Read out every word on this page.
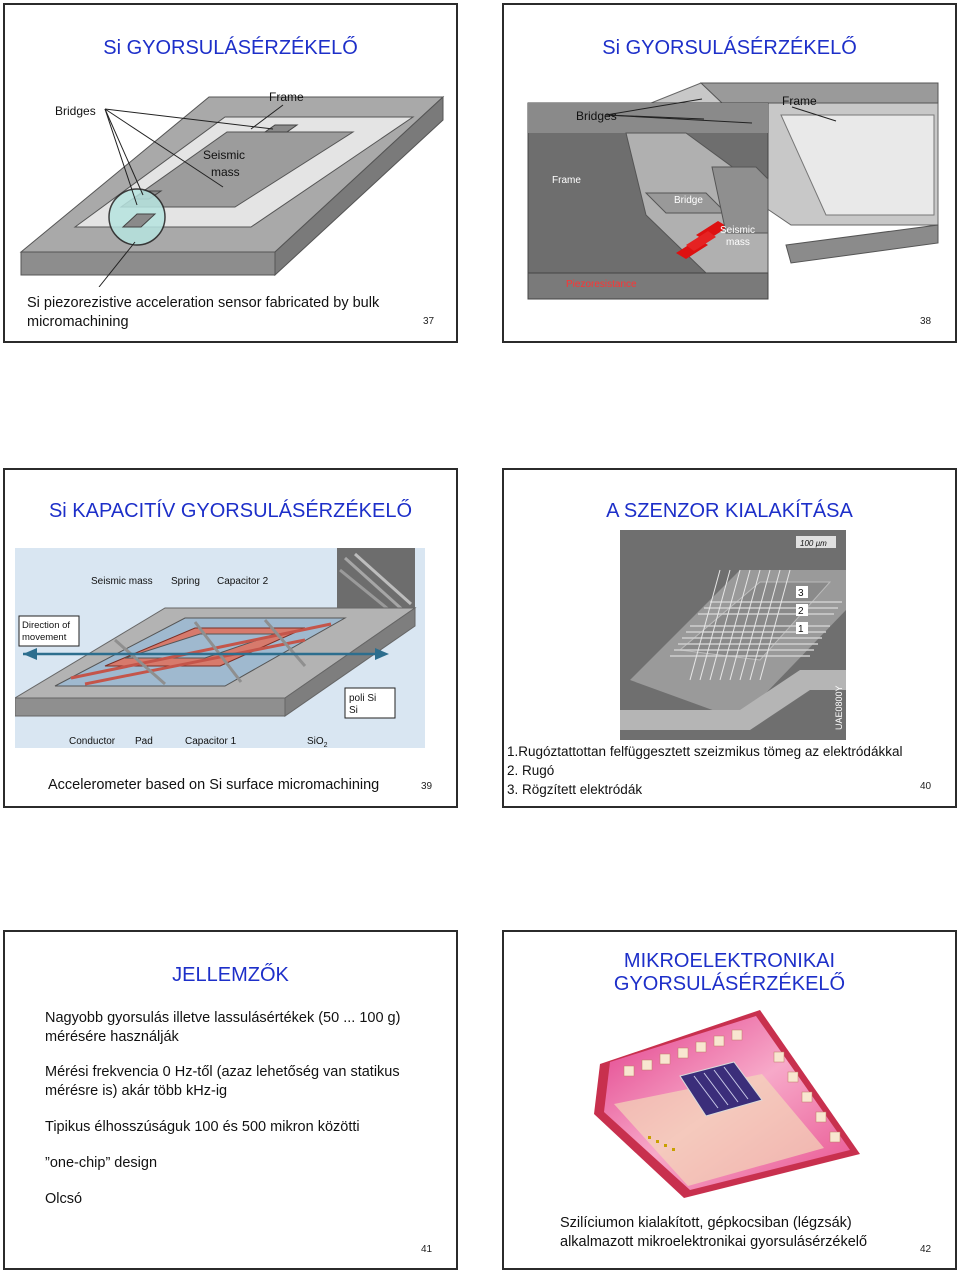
Si GYORSULÁSÉRZÉKELŐ
Bridges
Frame
Seismic
mass
Si piezorezistive acceleration sensor fabricated by bulk
micromachining	37
Si GYORSULÁSÉRZÉKELŐ
Bridges
Frame
Frame
Bridge
Seismic
mass
Piezoresistance
38
Si KAPACITÍV GYORSULÁSÉRZÉKELŐ
Seismic mass Spring Capacitor 2
Direction of
movement
poli Si
Si
Conductor Pad	Capacitor 1	SiO$_2$
Accelerometer based on Si surface micromachining	39
A SZENZOR KIALAKÍTÁSA
100 µm
3
2
1
UAE0800Y
1.Rugóztattottan felfüggesztett szeizmikus tömeg az elektródákkal
2. Rugó
3. Rögzített elektródák	40
JELLEMZŐK
Nagyobb gyorsulás illetve lassulásértékek (50 ... 100 g)
mérésére használják
Mérési frekvencia 0 Hz-től (azaz lehetőség van statikus
mérésre is) akár több kHz-ig
Tipikus élhosszúságuk 100 és 500 mikron közötti
”one-chip” design
Olcsó
41
MIKROELEKTRONIKAI
GYORSULÁSÉRZÉKELŐ
Szilíciumon kialakított, gépkocsiban (légzsák)
alkalmazott mikroelektronikai gyorsulásérzékelő	42
